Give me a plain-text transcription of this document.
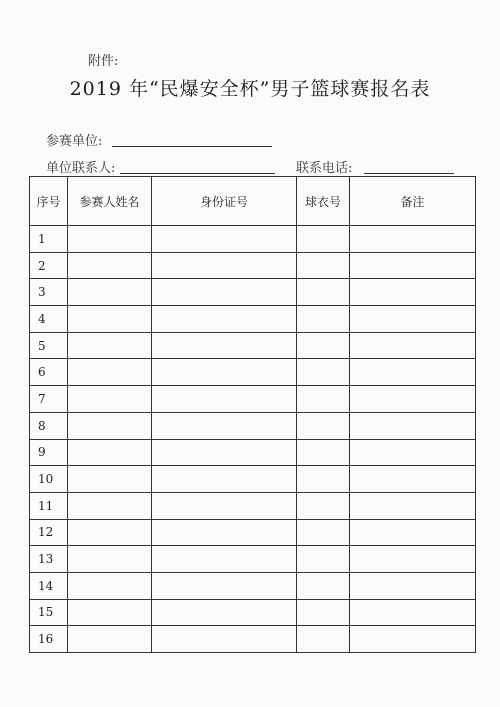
附件:
2019 年“民爆安全杯”男子篮球赛报名表
参赛单位:
单位联系人:	联系电话:
序号	参赛人姓名	身份证号	球衣号	备注
1				
2				
3				
4				
5				
6				
7				
8				
9				
10				
11				
12				
13				
14				
15				
16				
